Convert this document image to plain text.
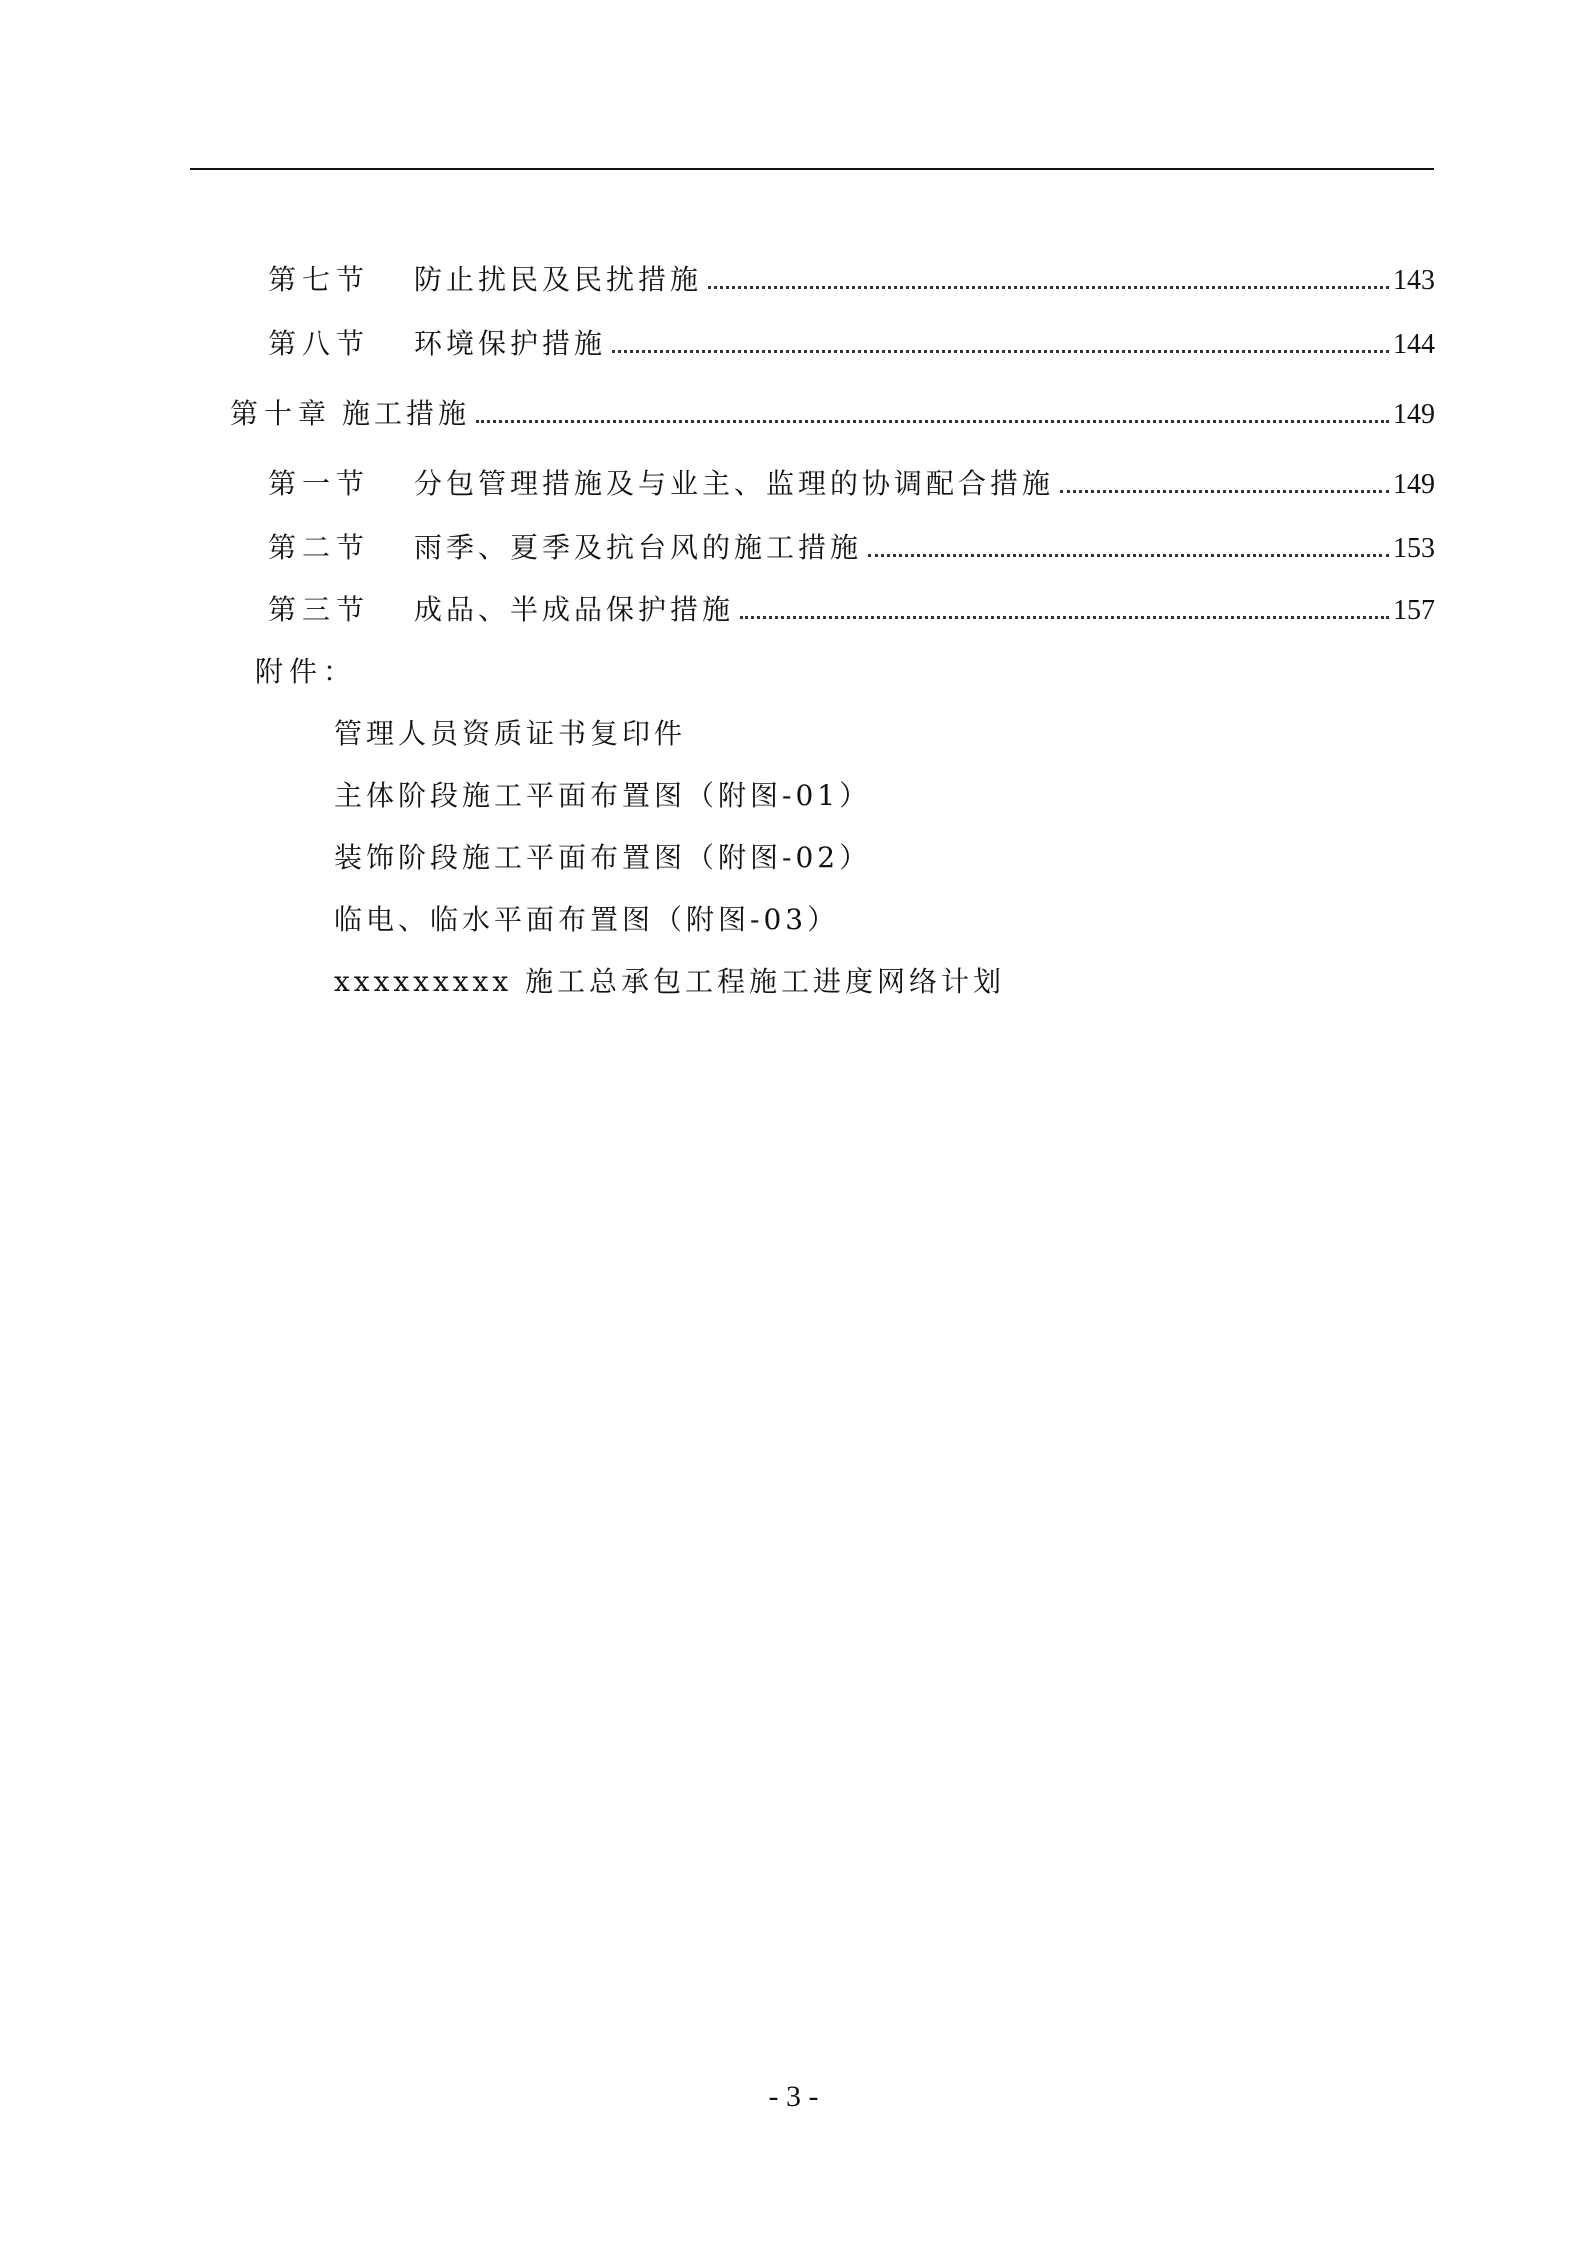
第七节	防止扰民及民扰措施	143
第八节	环境保护措施	144
第十章 施工措施	149
第一节	分包管理措施及与业主、监理的协调配合措施	149
第二节	雨季、夏季及抗台风的施工措施	153
第三节	成品、半成品保护措施	157
附件：
管理人员资质证书复印件
主体阶段施工平面布置图（附图-01）
装饰阶段施工平面布置图（附图-02）
临电、临水平面布置图（附图-03）
xxxxxxxxx 施工总承包工程施工进度网络计划
- 3 -
